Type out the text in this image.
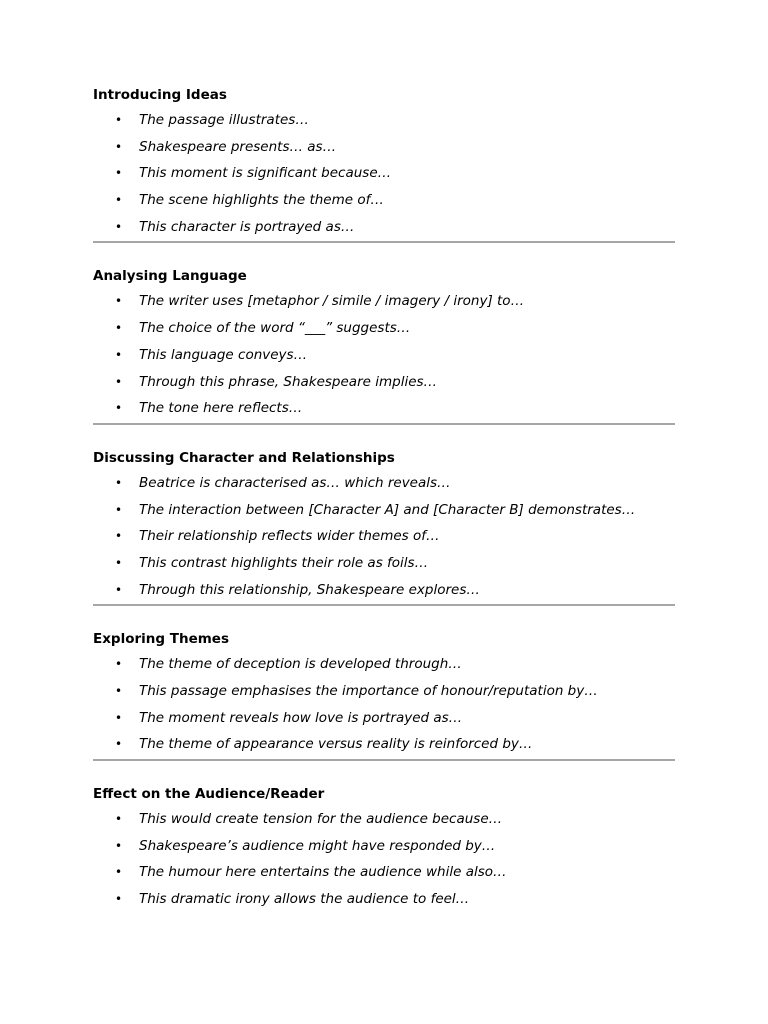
Introducing Ideas
• The passage illustrates…
• Shakespeare presents… as…
• This moment is significant because…
• The scene highlights the theme of…
• This character is portrayed as…
Analysing Language
• The writer uses [metaphor / simile / imagery / irony] to…
• The choice of the word “___” suggests…
• This language conveys…
• Through this phrase, Shakespeare implies…
• The tone here reflects…
Discussing Character and Relationships
• Beatrice is characterised as… which reveals…
• The interaction between [Character A] and [Character B] demonstrates…
• Their relationship reflects wider themes of…
• This contrast highlights their role as foils…
• Through this relationship, Shakespeare explores…
Exploring Themes
• The theme of deception is developed through…
• This passage emphasises the importance of honour/reputation by…
• The moment reveals how love is portrayed as…
• The theme of appearance versus reality is reinforced by…
Effect on the Audience/Reader
• This would create tension for the audience because…
• Shakespeare’s audience might have responded by…
• The humour here entertains the audience while also…
• This dramatic irony allows the audience to feel…
